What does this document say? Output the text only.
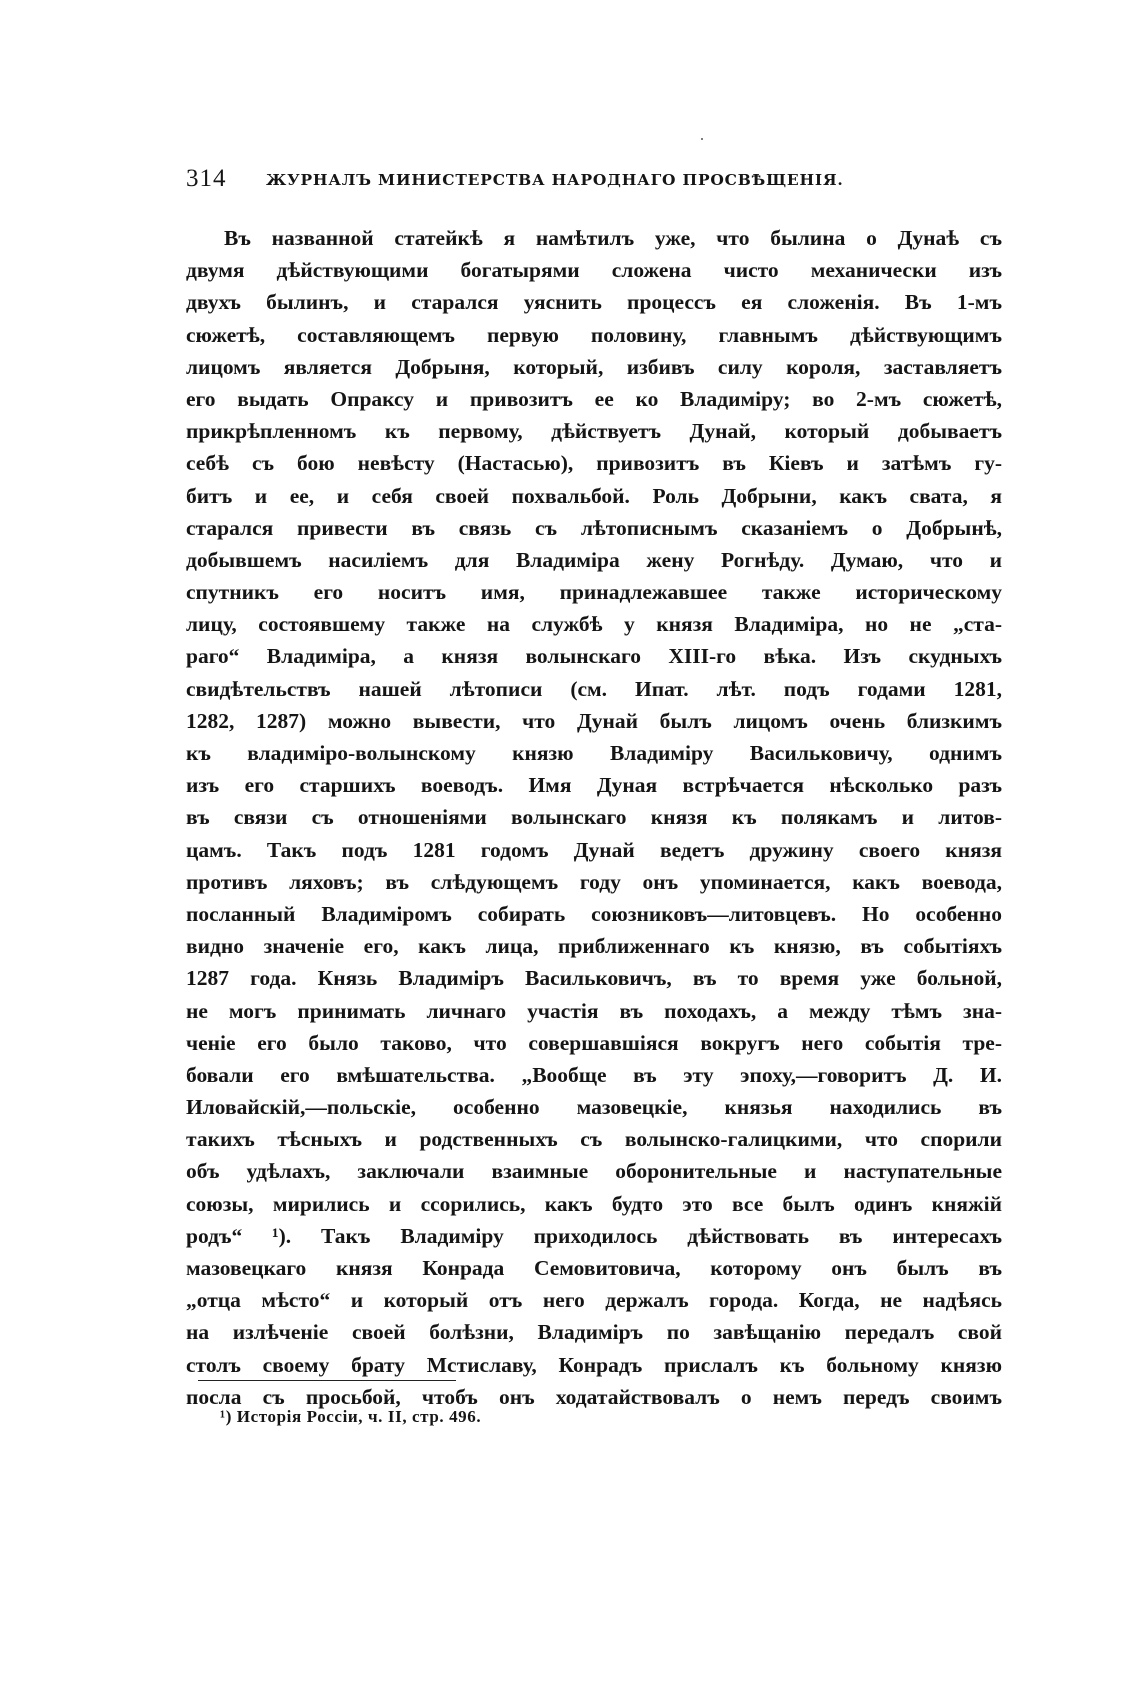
314	ЖУРНАЛЪ МИНИСТЕРСТВА НАРОДНАГО ПРОСВѢЩЕНІЯ.
Въ названной статейкѣ я намѣтилъ уже, что былина о Дунаѣ съ
двумя дѣйствующими богатырями сложена чисто механически изъ
двухъ былинъ, и старался уяснить процессъ ея сложенія. Въ 1-мъ
сюжетѣ, составляющемъ первую половину, главнымъ дѣйствующимъ
лицомъ является Добрыня, который, избивъ силу короля, заставляетъ
его выдать Опраксу и привозитъ ее ко Владиміру; во 2-мъ сюжетѣ,
прикрѣпленномъ къ первому, дѣйствуетъ Дунай, который добываетъ
себѣ съ бою невѣсту (Настасью), привозитъ въ Кіевъ и затѣмъ гу-
битъ и ее, и себя своей похвальбой. Роль Добрыни, какъ свата, я
старался привести въ связь съ лѣтописнымъ сказаніемъ о Добрынѣ,
добывшемъ насиліемъ для Владиміра жену Рогнѣду. Думаю, что и
спутникъ его носитъ имя, принадлежавшее также историческому
лицу, состоявшему также на службѣ у князя Владиміра, но не „ста-
раго“ Владиміра, а князя волынскаго XIII-го вѣка. Изъ скудныхъ
свидѣтельствъ нашей лѣтописи (см. Ипат. лѣт. подъ годами 1281,
1282, 1287) можно вывести, что Дунай былъ лицомъ очень близкимъ
къ владиміро-волынскому князю Владиміру Васильковичу, однимъ
изъ его старшихъ воеводъ. Имя Дуная встрѣчается нѣсколько разъ
въ связи съ отношеніями волынскаго князя къ полякамъ и литов-
цамъ. Такъ подъ 1281 годомъ Дунай ведетъ дружину своего князя
противъ ляховъ; въ слѣдующемъ году онъ упоминается, какъ воевода,
посланный Владиміромъ собирать союзниковъ—литовцевъ. Но особенно
видно значеніе его, какъ лица, приближеннаго къ князю, въ событіяхъ
1287 года. Князь Владиміръ Васильковичъ, въ то время уже больной,
не могъ принимать личнаго участія въ походахъ, а между тѣмъ зна-
ченіе его было таково, что совершавшіяся вокругъ него событія тре-
бовали его вмѣшательства. „Вообще въ эту эпоху,—говоритъ Д. И.
Иловайскій,—польскіе, особенно мазовецкіе, князья находились въ
такихъ тѣсныхъ и родственныхъ съ волынско-галицкими, что спорили
объ удѣлахъ, заключали взаимные оборонительные и наступательные
союзы, мирились и ссорились, какъ будто это все былъ одинъ княжій
родъ“ ¹). Такъ Владиміру приходилось дѣйствовать въ интересахъ
мазовецкаго князя Конрада Семовитовича, которому онъ былъ въ
„отца мѣсто“ и который отъ него держалъ города. Когда, не надѣясь
на излѣченіе своей болѣзни, Владиміръ по завѣщанію передалъ свой
столъ своему брату Мстиславу, Конрадъ прислалъ къ больному князю
посла съ просьбой, чтобъ онъ ходатайствовалъ о немъ передъ своимъ
¹) Исторія Россіи, ч. II, стр. 496.
